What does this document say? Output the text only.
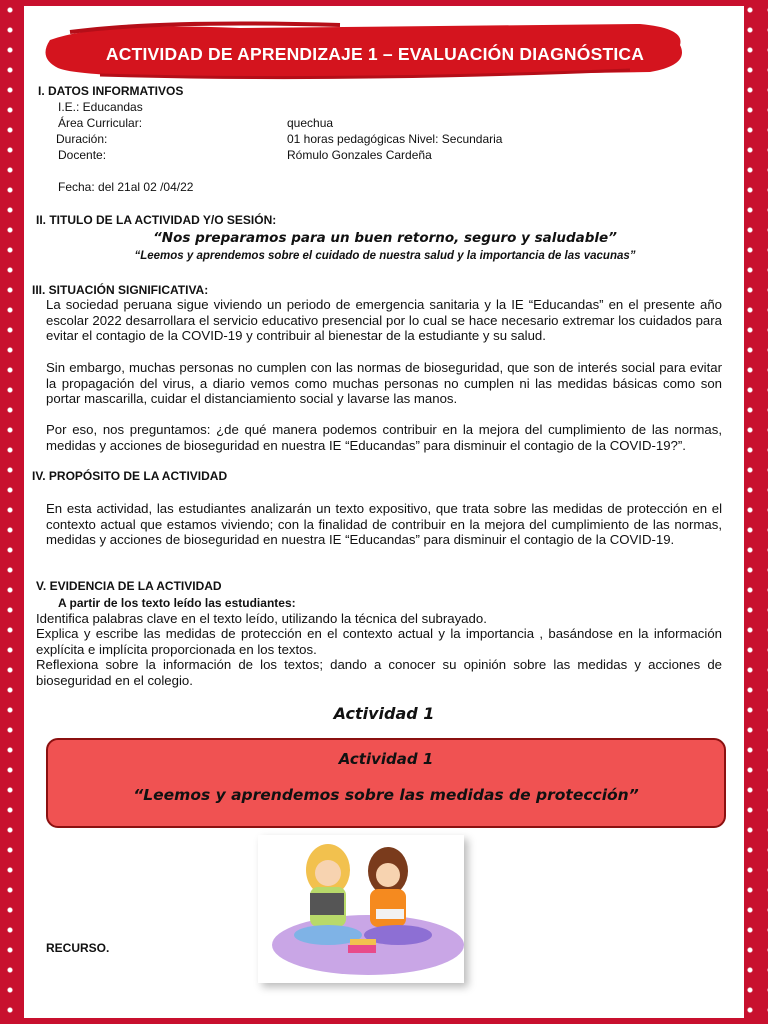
ACTIVIDAD DE APRENDIZAJE 1 – EVALUACIÓN DIAGNÓSTICA
I. DATOS INFORMATIVOS
I.E.: Educandas
Área Curricular:	quechua
Duración:	01 horas pedagógicas Nivel: Secundaria
Docente:	Rómulo Gonzales Cardeña
Fecha: del 21al 02 /04/22
II. TITULO DE LA ACTIVIDAD Y/O SESIÓN:
“Nos preparamos para un buen retorno, seguro y saludable”
“Leemos y aprendemos sobre el cuidado de nuestra salud y la importancia de las vacunas”
III. SITUACIÓN SIGNIFICATIVA:
La sociedad peruana sigue viviendo un periodo de emergencia sanitaria y la IE “Educandas” en el presente año escolar 2022 desarrollara el servicio educativo presencial por lo cual se hace necesario extremar los cuidados para evitar el contagio de la COVID-19 y contribuir al bienestar de la estudiante y su salud.
Sin embargo, muchas personas no cumplen con las normas de bioseguridad, que son de interés social para evitar la propagación del virus, a diario vemos como muchas personas no cumplen ni las medidas básicas como son portar mascarilla, cuidar el distanciamiento social y lavarse las manos.
Por eso, nos preguntamos: ¿de qué manera podemos contribuir en la mejora del cumplimiento de las normas, medidas y acciones de bioseguridad en nuestra IE “Educandas” para disminuir el contagio de la COVID-19?”.
IV. PROPÓSITO DE LA ACTIVIDAD
En esta actividad, las estudiantes analizarán un texto expositivo, que trata sobre las medidas de protección en el contexto actual que estamos viviendo; con la finalidad de contribuir en la mejora del cumplimiento de las normas, medidas y acciones de bioseguridad en nuestra IE “Educandas” para disminuir el contagio de la COVID-19.
V. EVIDENCIA DE LA ACTIVIDAD
A partir de los texto leído las estudiantes:
Identifica palabras clave en el texto leído, utilizando la técnica del subrayado.
Explica y escribe las medidas de protección en el contexto actual y la importancia , basándose en la información explícita e implícita proporcionada en los textos.
Reflexiona sobre la información de los textos; dando a conocer su opinión sobre las medidas y acciones de bioseguridad en el colegio.
Actividad 1
Actividad 1
“Leemos y aprendemos sobre las medidas de protección”
RECURSO.
